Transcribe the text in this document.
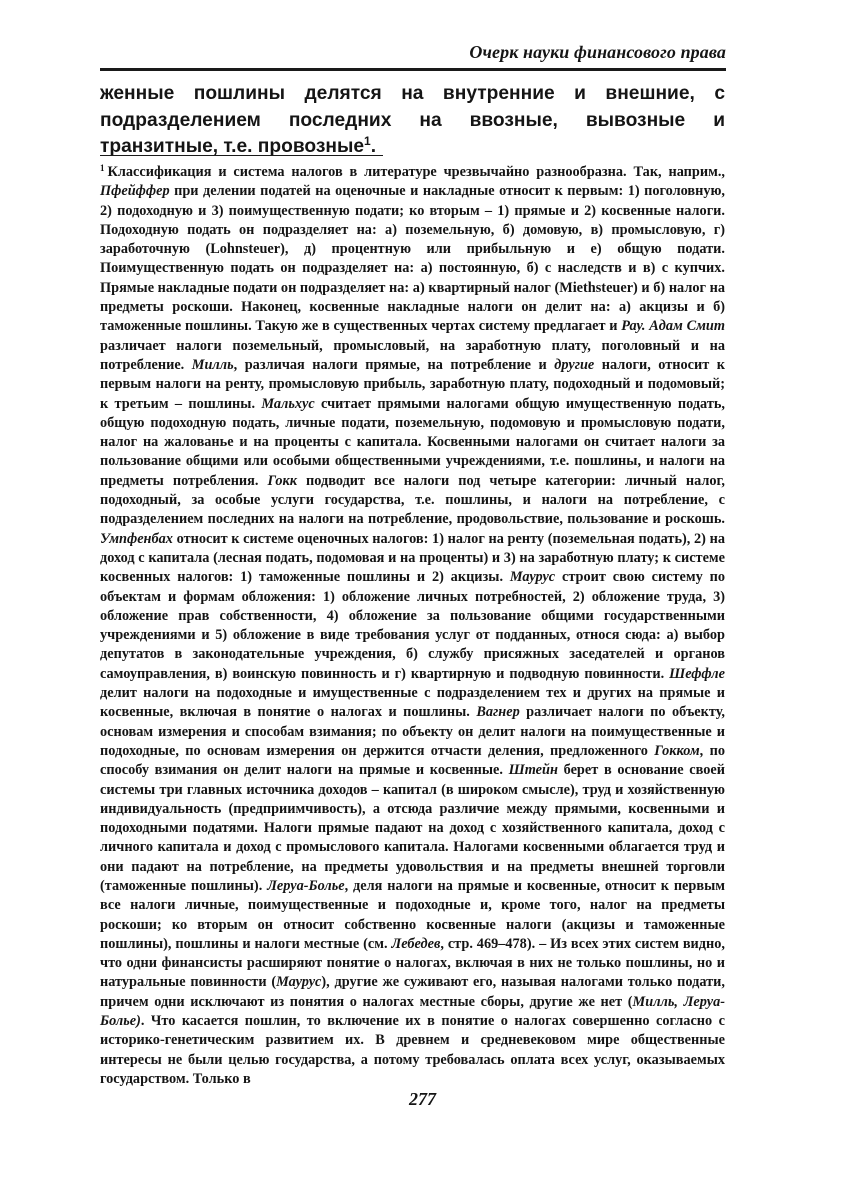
Очерк науки финансового права

женные пошлины делятся на внутренние и внешние, с подразделением последних на ввозные, вывозные и транзитные, т.е. провозные$^1$.

$^1$ Классификация и система налогов в литературе чрезвычайно разнообразна. Так, наприм., Пфейффер при делении податей на оценочные и накладные относит к первым: 1) поголовную, 2) подоходную и 3) поимущественную подати; ко вторым – 1) прямые и 2) косвенные налоги. Подоходную подать он подразделяет на: а) поземельную, б) домовую, в) промысловую, г) заработочную (Lohnsteuer), д) процентную или прибыльную и е) общую подати. Поимущественную подать он подразделяет на: а) постоянную, б) с наследств и в) с купчих. Прямые накладные подати он подразделяет на: а) квартирный налог (Miethsteuer) и б) налог на предметы роскоши. Наконец, косвенные накладные налоги он делит на: а) акцизы и б) таможенные пошлины. Такую же в существенных чертах систему предлагает и Рау. Адам Смит различает налоги поземельный, промысловый, на заработную плату, поголовный и на потребление. Милль, различая налоги прямые, на потребление и другие налоги, относит к первым налоги на ренту, промысловую прибыль, заработную плату, подоходный и подомовый; к третьим – пошлины. Мальхус считает прямыми налогами общую имущественную подать, общую подоходную подать, личные подати, поземельную, подомовую и промысловую подати, налог на жалованье и на проценты с капитала. Косвенными налогами он считает налоги за пользование общими или особыми общественными учреждениями, т.е. пошлины, и налоги на предметы потребления. Гокк подводит все налоги под четыре категории: личный налог, подоходный, за особые услуги государства, т.е. пошлины, и налоги на потребление, с подразделением последних на налоги на потребление, продовольствие, пользование и роскошь. Умпфенбах относит к системе оценочных налогов: 1) налог на ренту (поземельная подать), 2) на доход с капитала (лесная подать, подомовая и на проценты) и 3) на заработную плату; к системе косвенных налогов: 1) таможенные пошлины и 2) акцизы. Маурус строит свою систему по объектам и формам обложения: 1) обложение личных потребностей, 2) обложение труда, 3) обложение прав собственности, 4) обложение за пользование общими государственными учреждениями и 5) обложение в виде требования услуг от подданных, относя сюда: а) выбор депутатов в законодательные учреждения, б) службу присяжных заседателей и органов самоуправления, в) воинскую повинность и г) квартирную и подводную повинности. Шеффле делит налоги на подоходные и имущественные с подразделением тех и других на прямые и косвенные, включая в понятие о налогах и пошлины. Вагнер различает налоги по объекту, основам измерения и способам взимания; по объекту он делит налоги на поимущественные и подоходные, по основам измерения он держится отчасти деления, предложенного Гокком, по способу взимания он делит налоги на прямые и косвенные. Штейн берет в основание своей системы три главных источника доходов – капитал (в широком смысле), труд и хозяйственную индивидуальность (предприимчивость), а отсюда различие между прямыми, косвенными и подоходными податями. Налоги прямые падают на доход с хозяйственного капитала, доход с личного капитала и доход с промыслового капитала. Налогами косвенными облагается труд и они падают на потребление, на предметы удовольствия и на предметы внешней торговли (таможенные пошлины). Леруа-Болье, деля налоги на прямые и косвенные, относит к первым все налоги личные, поимущественные и подоходные и, кроме того, налог на предметы роскоши; ко вторым он относит собственно косвенные налоги (акцизы и таможенные пошлины), пошлины и налоги местные (см. Лебедев, стр. 469–478). – Из всех этих систем видно, что одни финансисты расширяют понятие о налогах, включая в них не только пошлины, но и натуральные повинности (Маурус), другие же суживают его, называя налогами только подати, причем одни исключают из понятия о налогах местные сборы, другие же нет (Милль, Леруа-Болье). Что касается пошлин, то включение их в понятие о налогах совершенно согласно с историко-генетическим развитием их. В древнем и средневековом мире общественные интересы не были целью государства, а потому требовалась оплата всех услуг, оказываемых государством. Только в

277
